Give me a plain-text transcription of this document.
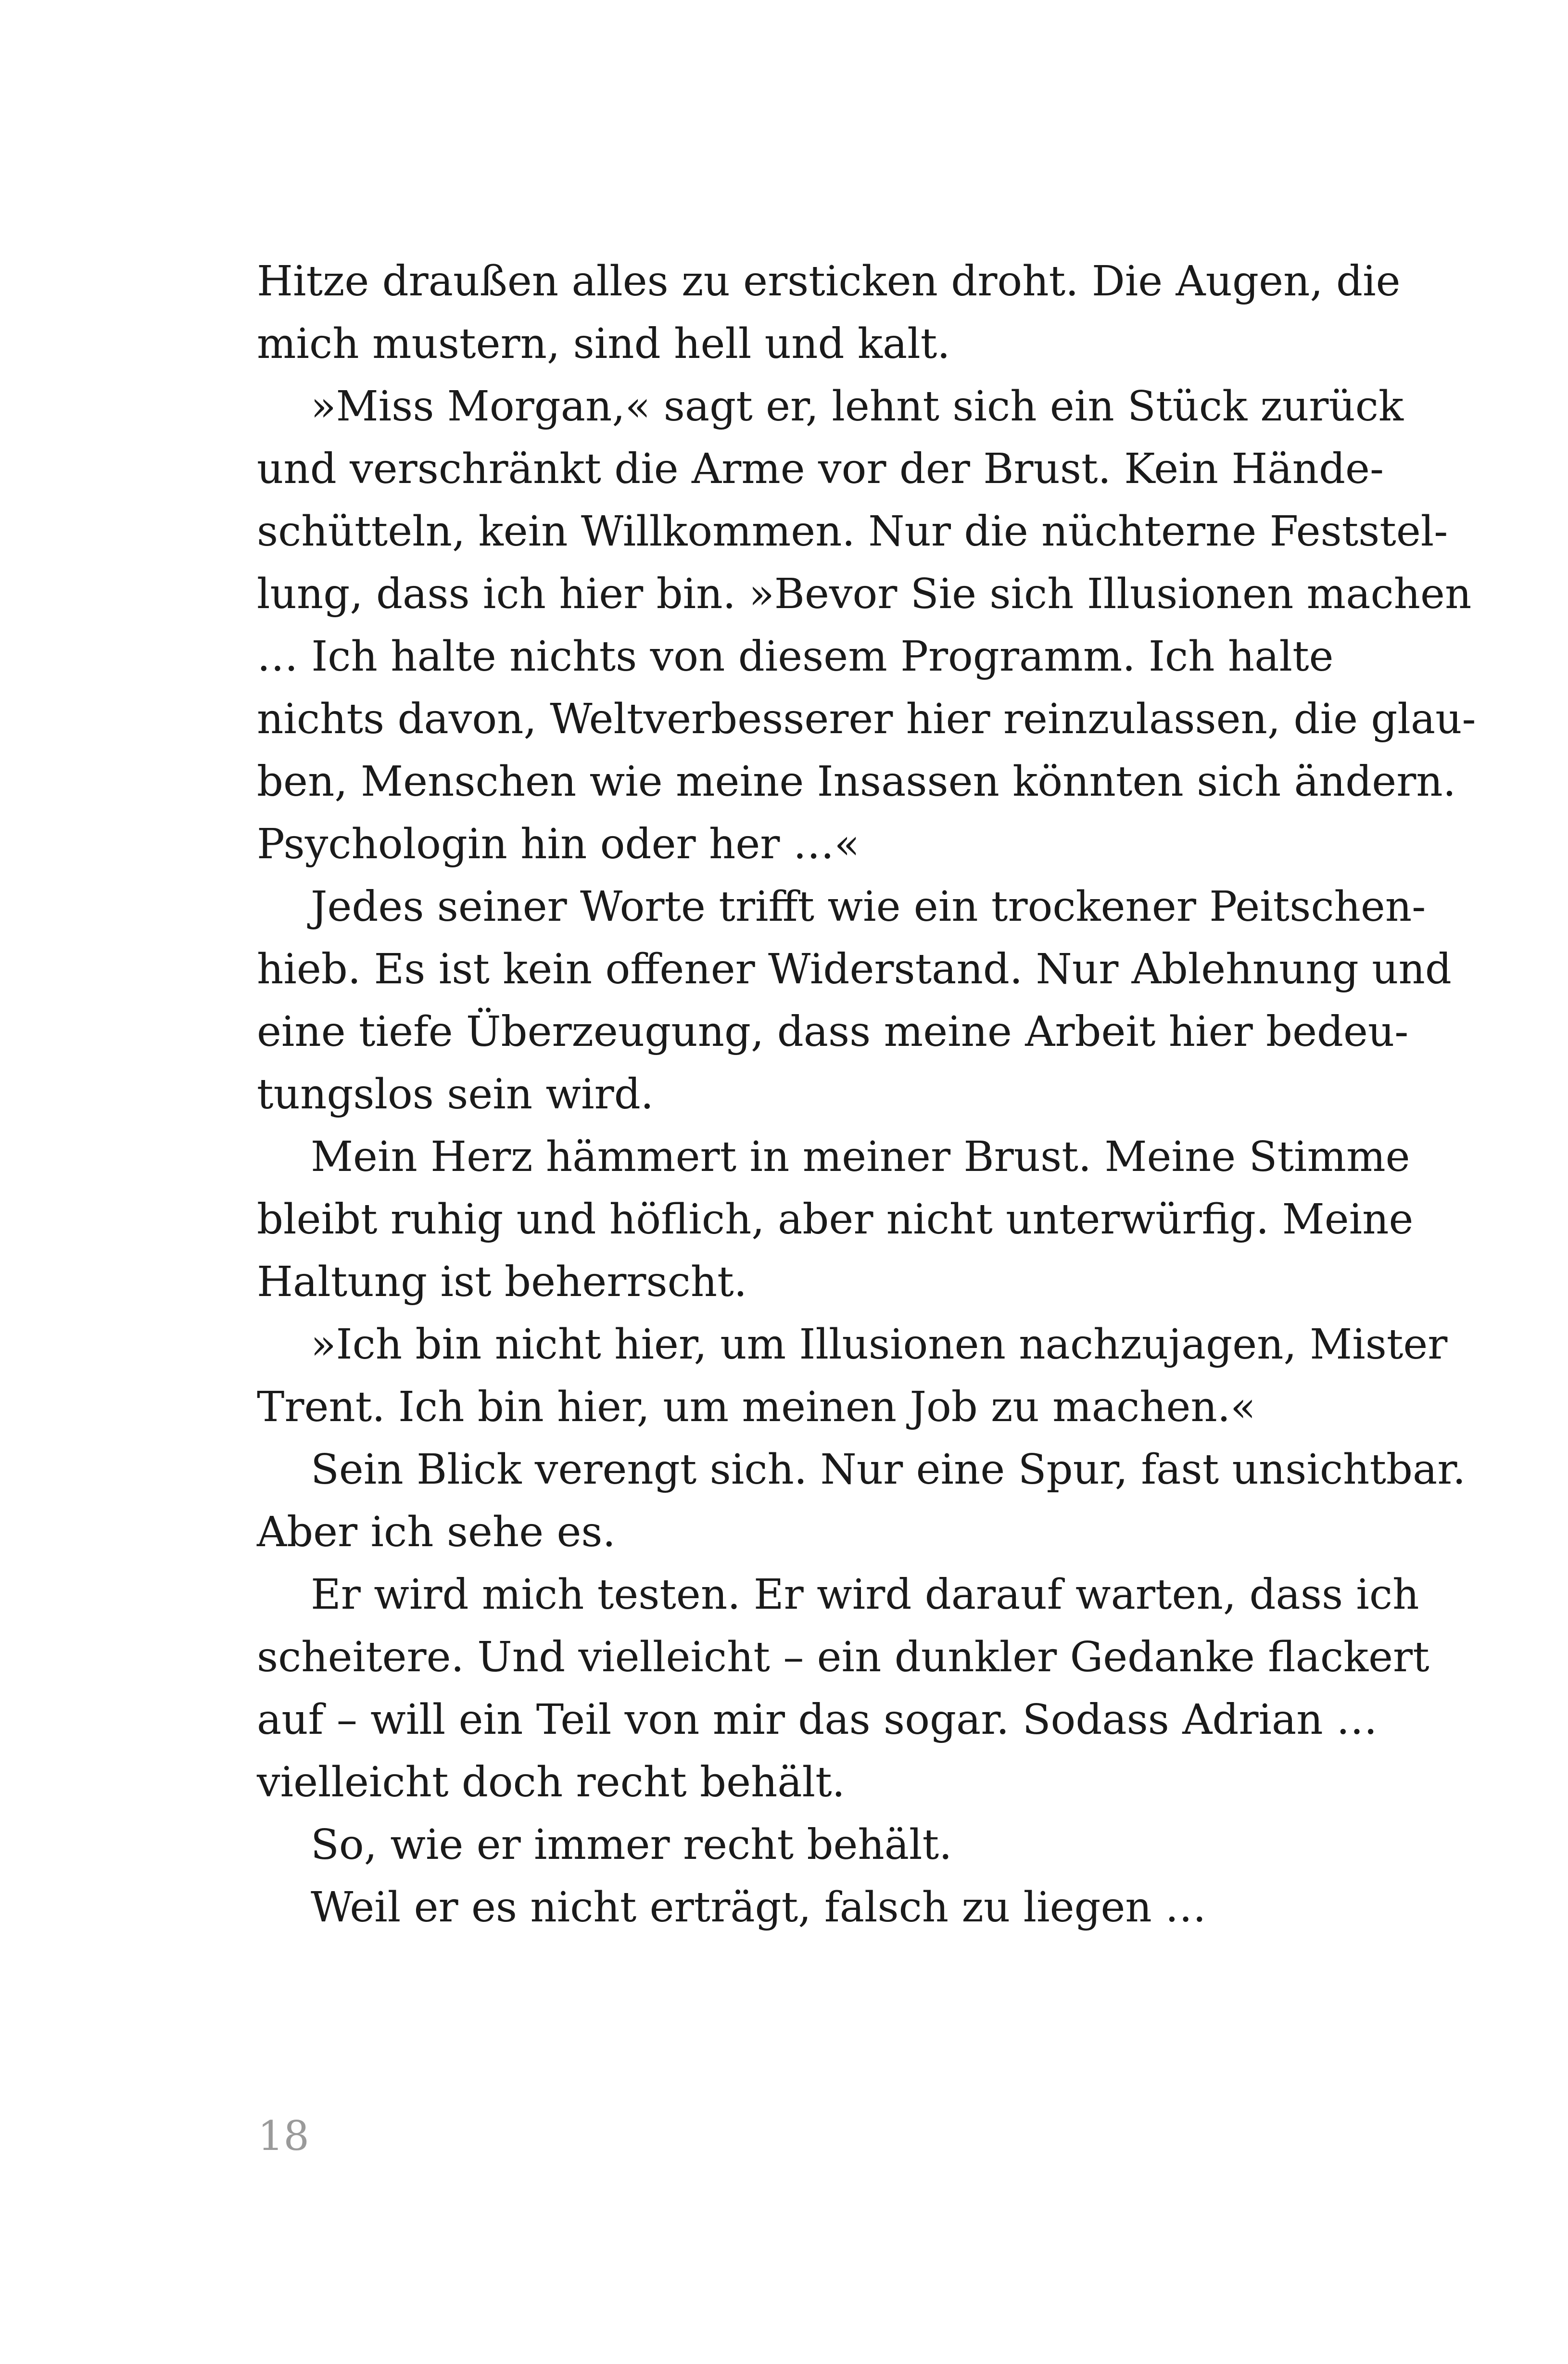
Hitze draußen alles zu ersticken droht. Die Augen, die
mich mustern, sind hell und kalt.
»Miss Morgan,« sagt er, lehnt sich ein Stück zurück
und verschränkt die Arme vor der Brust. Kein Hände-
schütteln, kein Willkommen. Nur die nüchterne Feststel-
lung, dass ich hier bin. »Bevor Sie sich Illusionen machen
… Ich halte nichts von diesem Programm. Ich halte
nichts davon, Weltverbesserer hier reinzulassen, die glau-
ben, Menschen wie meine Insassen könnten sich ändern.
Psychologin hin oder her …«
Jedes seiner Worte trifft wie ein trockener Peitschen-
hieb. Es ist kein offener Widerstand. Nur Ablehnung und
eine tiefe Überzeugung, dass meine Arbeit hier bedeu-
tungslos sein wird.
Mein Herz hämmert in meiner Brust. Meine Stimme
bleibt ruhig und höflich, aber nicht unterwürfig. Meine
Haltung ist beherrscht.
»Ich bin nicht hier, um Illusionen nachzujagen, Mister
Trent. Ich bin hier, um meinen Job zu machen.«
Sein Blick verengt sich. Nur eine Spur, fast unsichtbar.
Aber ich sehe es.
Er wird mich testen. Er wird darauf warten, dass ich
scheitere. Und vielleicht – ein dunkler Gedanke flackert
auf – will ein Teil von mir das sogar. Sodass Adrian …
vielleicht doch recht behält.
So, wie er immer recht behält.
Weil er es nicht erträgt, falsch zu liegen …
18
